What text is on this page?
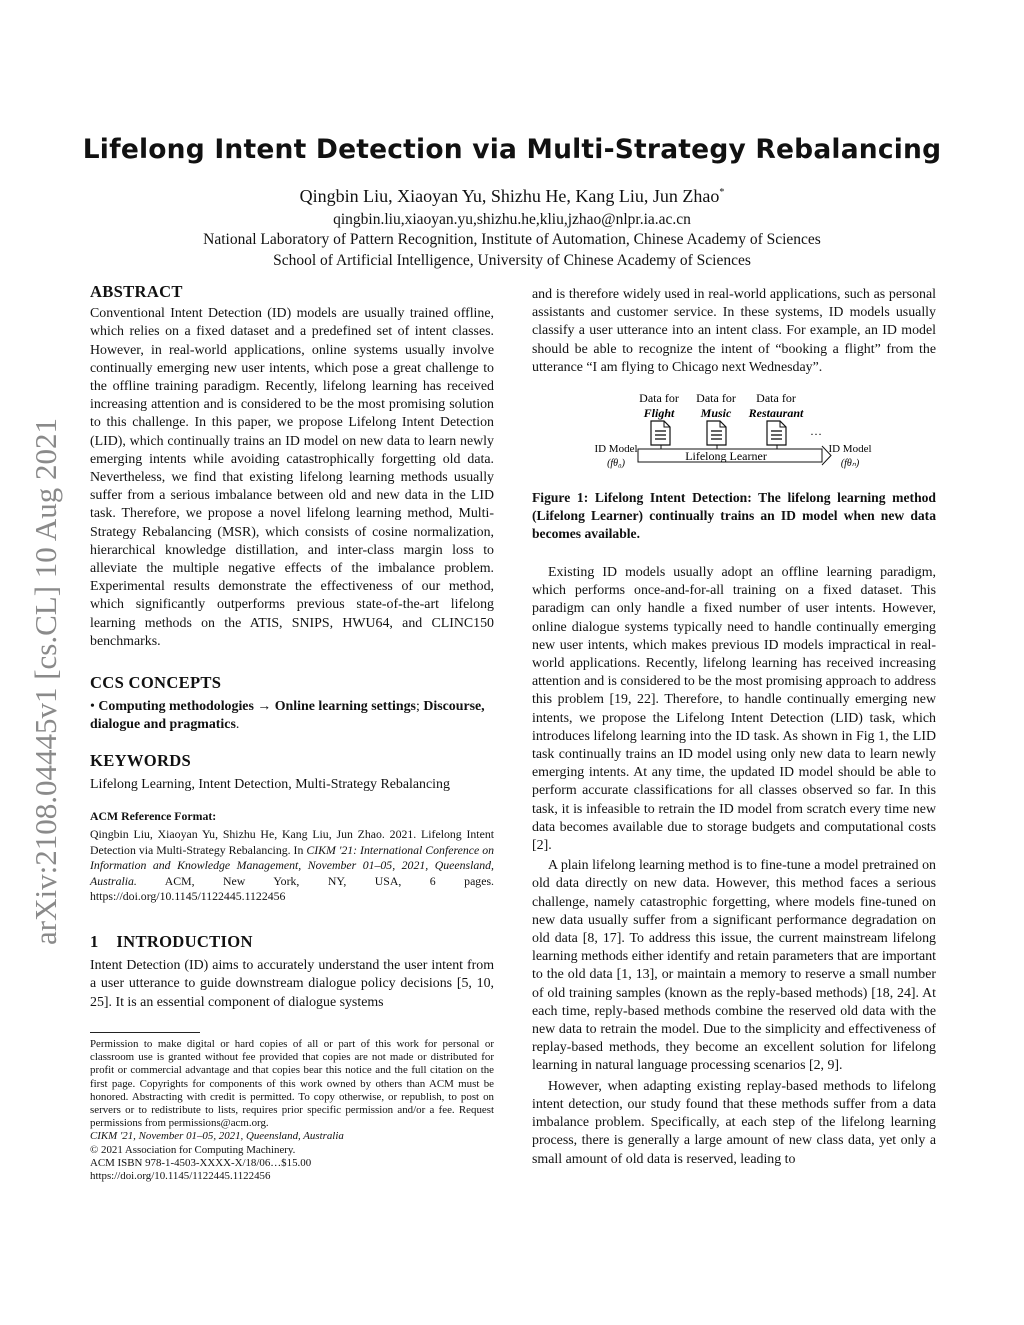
arXiv:2108.04445v1 [cs.CL] 10 Aug 2021
Lifelong Intent Detection via Multi-Strategy Rebalancing
Qingbin Liu, Xiaoyan Yu, Shizhu He, Kang Liu, Jun Zhao*
qingbin.liu,xiaoyan.yu,shizhu.he,kliu,jzhao@nlpr.ia.ac.cn
National Laboratory of Pattern Recognition, Institute of Automation, Chinese Academy of Sciences
School of Artificial Intelligence, University of Chinese Academy of Sciences
ABSTRACT

Conventional Intent Detection (ID) models are usually trained offline, which relies on a fixed dataset and a predefined set of intent classes. However, in real-world applications, online systems usually involve continually emerging new user intents, which pose a great challenge to the offline training paradigm. Recently, lifelong learning has received increasing attention and is considered to be the most promising solution to this challenge. In this paper, we propose Lifelong Intent Detection (LID), which continually trains an ID model on new data to learn newly emerging intents while avoiding catastrophically forgetting old data. Nevertheless, we find that existing lifelong learning methods usually suffer from a serious imbalance between old and new data in the LID task. Therefore, we propose a novel lifelong learning method, Multi-Strategy Rebalancing (MSR), which consists of cosine normalization, hierarchical knowledge distillation, and inter-class margin loss to alleviate the multiple negative effects of the imbalance problem. Experimental results demonstrate the effectiveness of our method, which significantly outperforms previous state-of-the-art lifelong learning methods on the ATIS, SNIPS, HWU64, and CLINC150 benchmarks.

CCS CONCEPTS

• Computing methodologies → Online learning settings; Discourse, dialogue and pragmatics.

KEYWORDS

Lifelong Learning, Intent Detection, Multi-Strategy Rebalancing

ACM Reference Format:

Qingbin Liu, Xiaoyan Yu, Shizhu He, Kang Liu, Jun Zhao. 2021. Lifelong Intent Detection via Multi-Strategy Rebalancing. In CIKM '21: International Conference on Information and Knowledge Management, November 01–05, 2021, Queensland, Australia. ACM, New York, NY, USA, 6 pages. https://doi.org/10.1145/1122445.1122456

1 INTRODUCTION

Intent Detection (ID) aims to accurately understand the user intent from a user utterance to guide downstream dialogue policy decisions [5, 10, 25]. It is an essential component of dialogue systems

Permission to make digital or hard copies of all or part of this work for personal or classroom use is granted without fee provided that copies are not made or distributed for profit or commercial advantage and that copies bear this notice and the full citation on the first page. Copyrights for components of this work owned by others than ACM must be honored. Abstracting with credit is permitted. To copy otherwise, or republish, to post on servers or to redistribute to lists, requires prior specific permission and/or a fee. Request permissions from permissions@acm.org.

CIKM '21, November 01–05, 2021, Queensland, Australia

© 2021 Association for Computing Machinery.

ACM ISBN 978-1-4503-XXXX-X/18/06…$15.00

https://doi.org/10.1145/1122445.1122456

and is therefore widely used in real-world applications, such as personal assistants and customer service. In these systems, ID models usually classify a user utterance into an intent class. For example, an ID model should be able to recognize the intent of “booking a flight” from the utterance “I am flying to Chicago next Wednesday”.

Data for
Flight
Data for
Music
Data for
Restaurant
…
Lifelong Learner
ID Model
(fθ₀)
ID Model
(fθₙ)
Figure 1: Lifelong Intent Detection: The lifelong learning method (Lifelong Learner) continually trains an ID model when new data becomes available.

Existing ID models usually adopt an offline learning paradigm, which performs once-and-for-all training on a fixed dataset. This paradigm can only handle a fixed number of user intents. However, online dialogue systems typically need to handle continually emerging new user intents, which makes previous ID models impractical in real-world applications. Recently, lifelong learning has received increasing attention and is considered to be the most promising approach to address this problem [19, 22]. Therefore, to handle continually emerging new intents, we propose the Lifelong Intent Detection (LID) task, which introduces lifelong learning into the ID task. As shown in Fig 1, the LID task continually trains an ID model using only new data to learn newly emerging intents. At any time, the updated ID model should be able to perform accurate classifications for all classes observed so far. In this task, it is infeasible to retrain the ID model from scratch every time new data becomes available due to storage budgets and computational costs [2].

A plain lifelong learning method is to fine-tune a model pretrained on old data directly on new data. However, this method faces a serious challenge, namely catastrophic forgetting, where models fine-tuned on new data usually suffer from a significant performance degradation on old data [8, 17]. To address this issue, the current mainstream lifelong learning methods either identify and retain parameters that are important to the old data [1, 13], or maintain a memory to reserve a small number of old training samples (known as the reply-based methods) [18, 24]. At each time, reply-based methods combine the reserved old data with the new data to retrain the model. Due to the simplicity and effectiveness of replay-based methods, they become an excellent solution for lifelong learning in natural language processing scenarios [2, 9].

However, when adapting existing replay-based methods to lifelong intent detection, our study found that these methods suffer from a data imbalance problem. Specifically, at each step of the lifelong learning process, there is generally a large amount of new class data, yet only a small amount of old data is reserved, leading to
